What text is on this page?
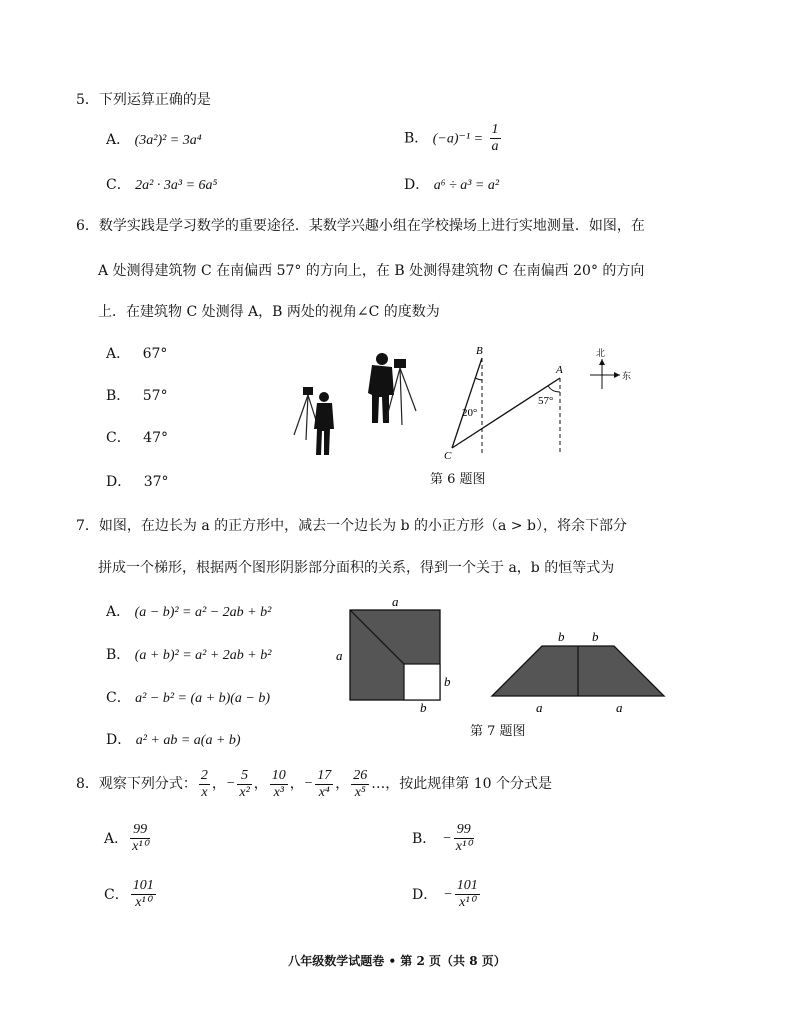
5．下列运算正确的是
A． (3a²)² = 3a⁴	B． $(-a)^{-1} = \frac{1}{a}$
C． 2a² · 3a³ = 6a⁵	D． a⁶ ÷ a³ = a²
6．数学实践是学习数学的重要途径．某数学兴趣小组在学校操场上进行实地测量．如图，在
A 处测得建筑物 C 在南偏西 57° 的方向上，在 B 处测得建筑物 C 在南偏西 20° 的方向
上．在建筑物 C 处测得 A，B 两处的视角∠C 的度数为
A． 67°
B． 57°
C． 47°
D． 37°
B
A
C
20°
57°
北
东
第 6 题图
7．如图，在边长为 a 的正方形中，减去一个边长为 b 的小正方形（a > b），将余下部分
拼成一个梯形，根据两个图形阴影部分面积的关系，得到一个关于 a，b 的恒等式为
A． (a − b)² = a² − 2ab + b²
B． (a + b)² = a² + 2ab + b²
C． a² − b² = (a + b)(a − b)
D． a² + ab = a(a + b)
a
a
b
b
b b
a	a
第 7 题图
8．观察下列分式： $\frac{2}{x}$ ， − $\frac{5}{\text{x²}}$ ， $\frac{10}{\text{x³}}$ ， − $\frac{17}{\text{x⁴}}$ ， $\frac{26}{\text{x⁵}}$ …，按此规律第 10 个分式是
A． $\frac{99}{\text{x¹⁰}}$	B． − $\frac{99}{\text{x¹⁰}}$
C． $\frac{101}{\text{x¹⁰}}$	D． − $\frac{101}{\text{x¹⁰}}$
八年级数学试题卷 • 第 2 页（共 8 页）
